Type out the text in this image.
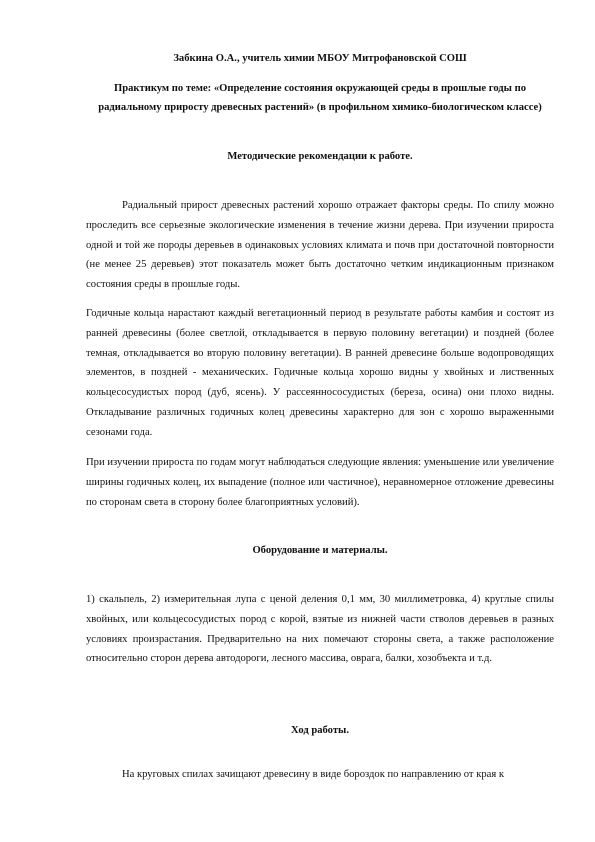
Забкина О.А., учитель химии МБОУ Митрофановской СОШ

Практикум по теме: «Определение состояния окружающей среды в прошлые годы по радиальному приросту древесных растений» (в профильном химико-биологическом классе)

Методические рекомендации к работе.

Радиальный прирост древесных растений хорошо отражает факторы среды. По спилу можно проследить все серьезные экологические изменения в течение жизни дерева. При изучении прироста одной и той же породы деревьев в одинаковых условиях климата и почв при достаточной повторности (не менее 25 деревьев) этот показатель может быть достаточно четким индикационным признаком состояния среды в прошлые годы.

Годичные кольца нарастают каждый вегетационный период в результате работы камбия и состоят из ранней древесины (более светлой, откладывается в первую половину вегетации) и поздней (более темная, откладывается во вторую половину вегетации). В ранней древесине больше водопроводящих элементов, в поздней - механических. Годичные кольца хорошо видны у хвойных и лиственных кольцесосудистых пород (дуб, ясень). У рассеяннососудистых (береза, осина) они плохо видны. Откладывание различных годичных колец древесины характерно для зон с хорошо выраженными сезонами года.

При изучении прироста по годам могут наблюдаться следующие явления: уменьшение или увеличение ширины годичных колец, их выпадение (полное или частичное), неравномерное отложение древесины по сторонам света в сторону более благоприятных условий).

Оборудование и материалы.

1) скальпель, 2) измерительная лупа с ценой деления 0,1 мм, 30 миллиметровка, 4) круглые спилы хвойных, или кольцесосудистых пород с корой, взятые из нижней части стволов деревьев в разных условиях произрастания. Предварительно на них помечают стороны света, а также расположение относительно сторон дерева автодороги, лесного массива, оврага, балки, хозобъекта и т.д.

Ход работы.

На круговых спилах зачищают древесину в виде бороздок по направлению от края к
